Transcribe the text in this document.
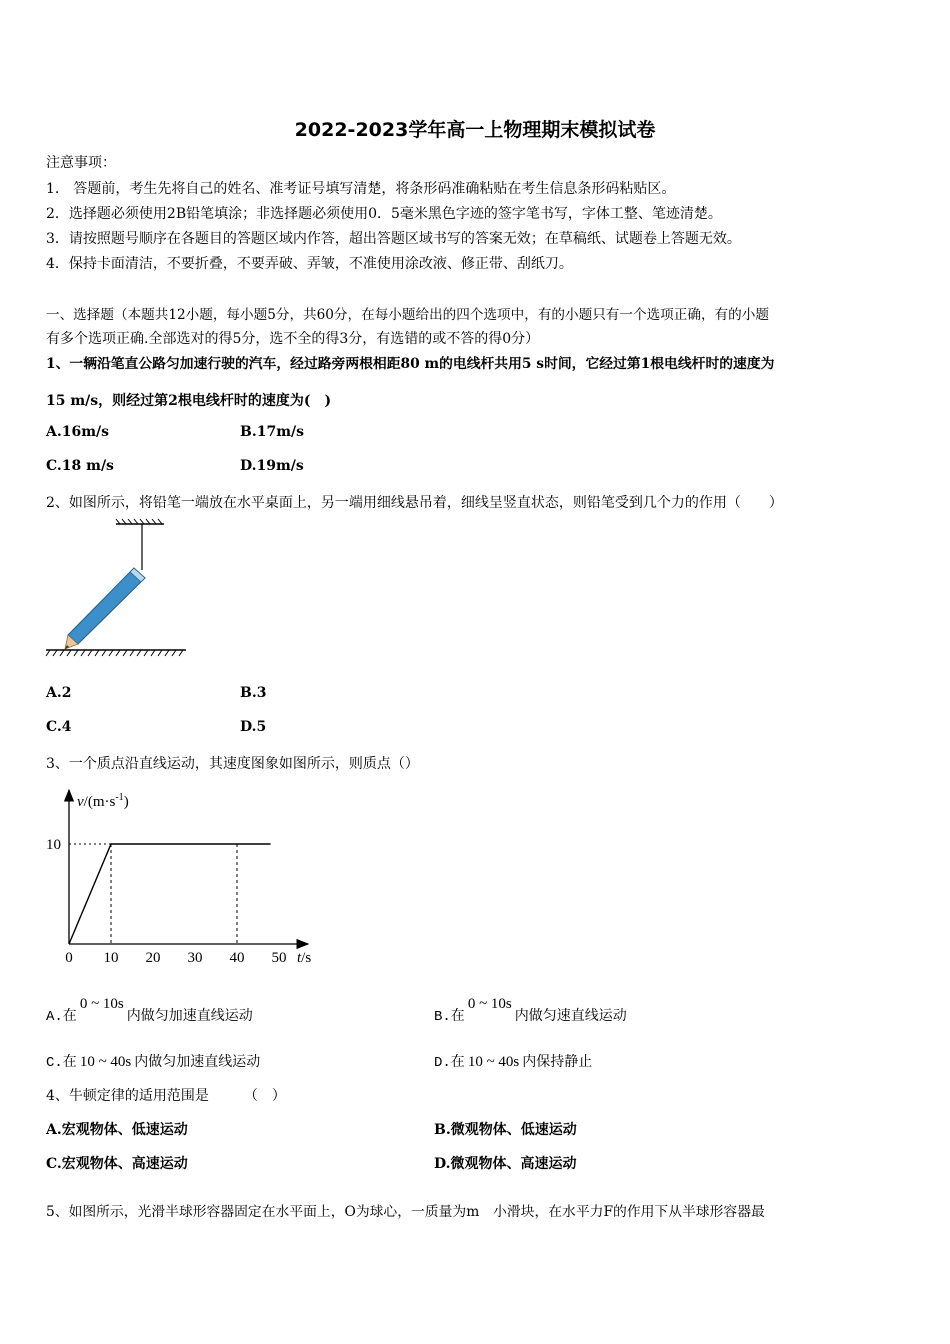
2022-2023学年高一上物理期末模拟试卷
注意事项：
1.　答题前，考生先将自己的姓名、准考证号填写清楚，将条形码准确粘贴在考生信息条形码粘贴区。
2．选择题必须使用2B铅笔填涂；非选择题必须使用0．5毫米黑色字迹的签字笔书写，字体工整、笔迹清楚。
3．请按照题号顺序在各题目的答题区域内作答，超出答题区域书写的答案无效；在草稿纸、试题卷上答题无效。
4．保持卡面清洁，不要折叠，不要弄破、弄皱，不准使用涂改液、修正带、刮纸刀。
一、选择题（本题共12小题，每小题5分，共60分，在每小题给出的四个选项中，有的小题只有一个选项正确，有的小题
有多个选项正确.全部选对的得5分，选不全的得3分，有选错的或不答的得0分）
1、一辆沿笔直公路匀加速行驶的汽车，经过路旁两根相距80 m的电线杆共用5 s时间，它经过第1根电线杆时的速度为
15 m/s，则经过第2根电线杆时的速度为(　)
A.16m/s	B.17m/s
C.18 m/s	D.19m/s
2、如图所示，将铅笔一端放在水平桌面上，另一端用细线悬吊着，细线呈竖直状态，则铅笔受到几个力的作用（　　）
A.2	B.3
C.4	D.5
3、一个质点沿直线运动，其速度图象如图所示，则质点（）
$v/(m\cdot s^{-1})$
t/s
0 10 20 30 40 50
10
A.在0 ~ 10s内做匀加速直线运动	B.在0 ~ 10s内做匀速直线运动
C.在 10 ~ 40s 内做匀加速直线运动	D.在 10 ~ 40s 内保持静止
4、牛顿定律的适用范围是　　　（　）
A.宏观物体、低速运动	B.微观物体、低速运动
C.宏观物体、高速运动	D.微观物体、高速运动
5、如图所示，光滑半球形容器固定在水平面上，O为球心，一质量为m　小滑块，在水平力F的作用下从半球形容器最
